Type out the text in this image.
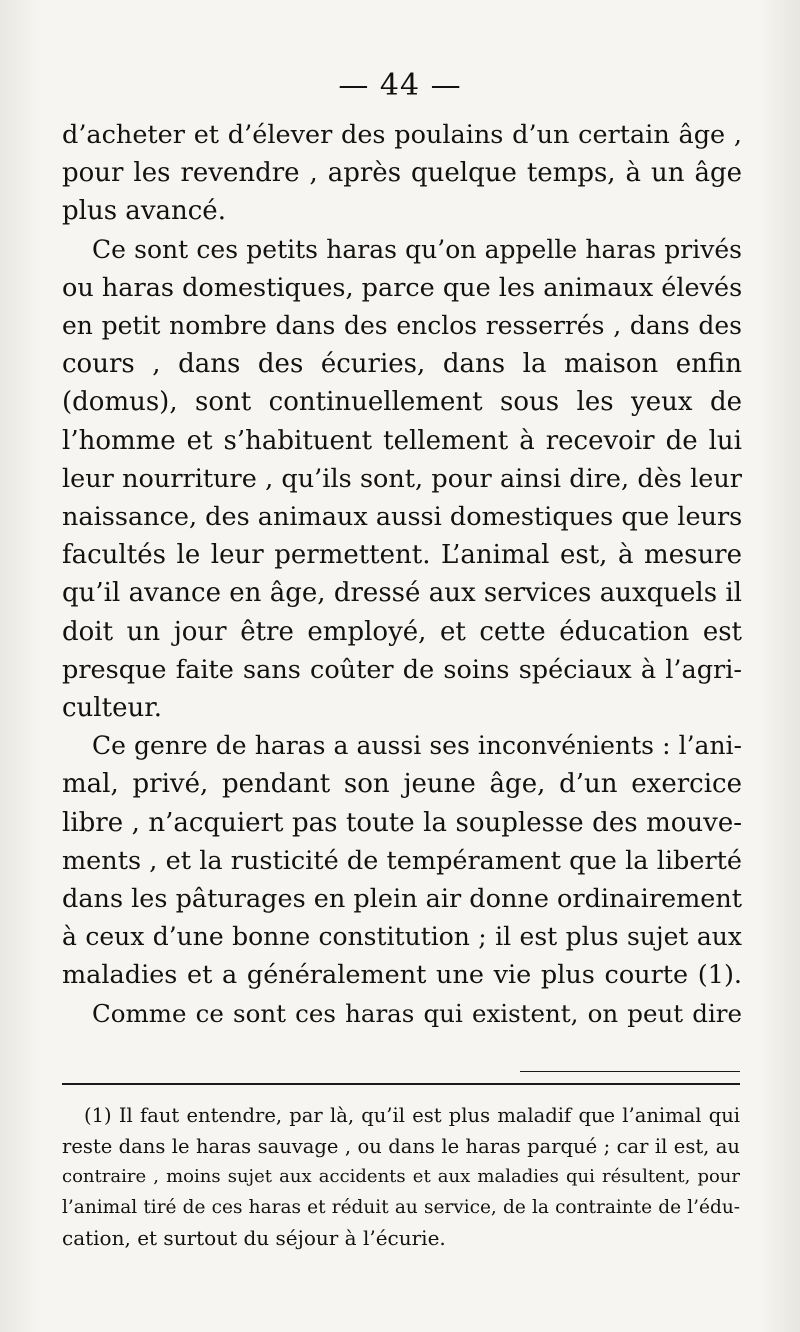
— 44 —
d’acheter et d’élever des poulains d’un certain âge ,
pour les revendre , après quelque temps, à un âge
plus avancé.
Ce sont ces petits haras qu’on appelle haras privés
ou haras domestiques, parce que les animaux élevés
en petit nombre dans des enclos resserrés , dans des
cours , dans des écuries, dans la maison enfin
(domus), sont continuellement sous les yeux de
l’homme et s’habituent tellement à recevoir de lui
leur nourriture , qu’ils sont, pour ainsi dire, dès leur
naissance, des animaux aussi domestiques que leurs
facultés le leur permettent. L’animal est, à mesure
qu’il avance en âge, dressé aux services auxquels il
doit un jour être employé, et cette éducation est
presque faite sans coûter de soins spéciaux à l’agri-
culteur.
Ce genre de haras a aussi ses inconvénients : l’ani-
mal, privé, pendant son jeune âge, d’un exercice
libre , n’acquiert pas toute la souplesse des mouve-
ments , et la rusticité de tempérament que la liberté
dans les pâturages en plein air donne ordinairement
à ceux d’une bonne constitution ; il est plus sujet aux
maladies et a généralement une vie plus courte (1).
Comme ce sont ces haras qui existent, on peut dire
(1) Il faut entendre, par là, qu’il est plus maladif que l’animal qui
reste dans le haras sauvage , ou dans le haras parqué ; car il est, au
contraire , moins sujet aux accidents et aux maladies qui résultent, pour
l’animal tiré de ces haras et réduit au service, de la contrainte de l’édu-
cation, et surtout du séjour à l’écurie.
